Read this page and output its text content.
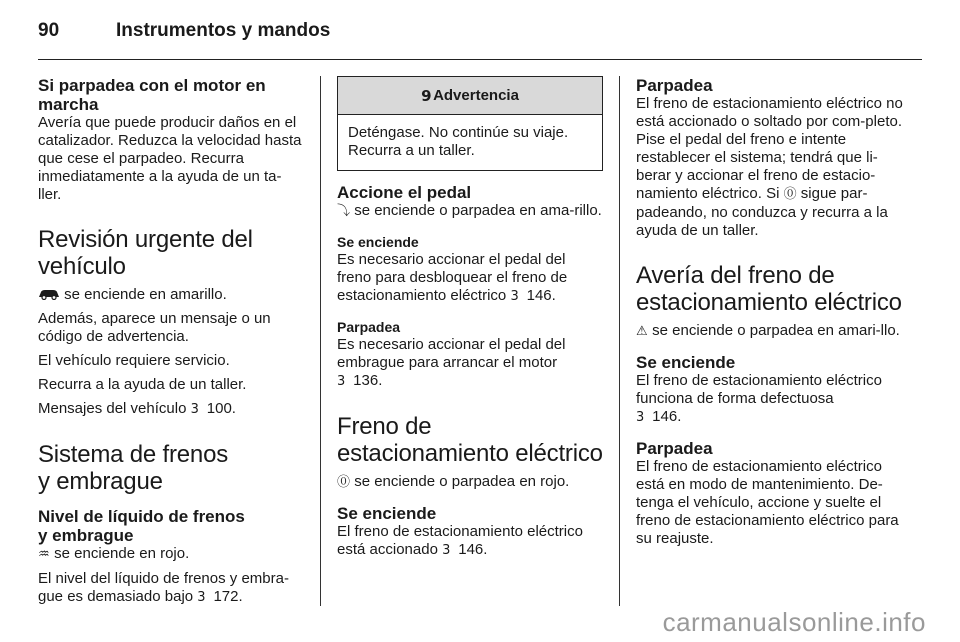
90	Instrumentos y mandos
Si parpadea con el motor en marcha

Avería que puede producir daños en el catalizador. Reduzca la velocidad hasta que cese el parpadeo. Recurra inmediatamente a la ayuda de un ta-ller.

Revisión urgente del vehículo

se enciende en amarillo.

Además, aparece un mensaje o un código de advertencia.

El vehículo requiere servicio.

Recurra a la ayuda de un taller.

Mensajes del vehículo 3 100.

Sistema de frenos
y embrague
Nivel de líquido de frenos
y embrague

♒ se enciende en rojo.

El nivel del líquido de frenos y embra-gue es demasiado bajo 3 172.

9 Advertencia
Deténgase. No continúe su viaje. Recurra a un taller.
Accione el pedal

⤵ se enciende o parpadea en ama-rillo.

Se enciende

Es necesario accionar el pedal del freno para desbloquear el freno de estacionamiento eléctrico 3 146.

Parpadea

Es necesario accionar el pedal del embrague para arrancar el motor
3 136.

Freno de estacionamiento eléctrico

⓪ se enciende o parpadea en rojo.

Se enciende

El freno de estacionamiento eléctrico está accionado 3 146.

Parpadea

El freno de estacionamiento eléctrico no está accionado o soltado por com-pleto. Pise el pedal del freno e intente restablecer el sistema; tendrá que li-berar y accionar el freno de estacio-namiento eléctrico. Si ⓪ sigue par-padeando, no conduzca y recurra a la ayuda de un taller.

Avería del freno de estacionamiento eléctrico

⚠ se enciende o parpadea en amari-llo.

Se enciende

El freno de estacionamiento eléctrico funciona de forma defectuosa
3 146.

Parpadea

El freno de estacionamiento eléctrico está en modo de mantenimiento. De-tenga el vehículo, accione y suelte el freno de estacionamiento eléctrico para su reajuste.

carmanualsonline.info
